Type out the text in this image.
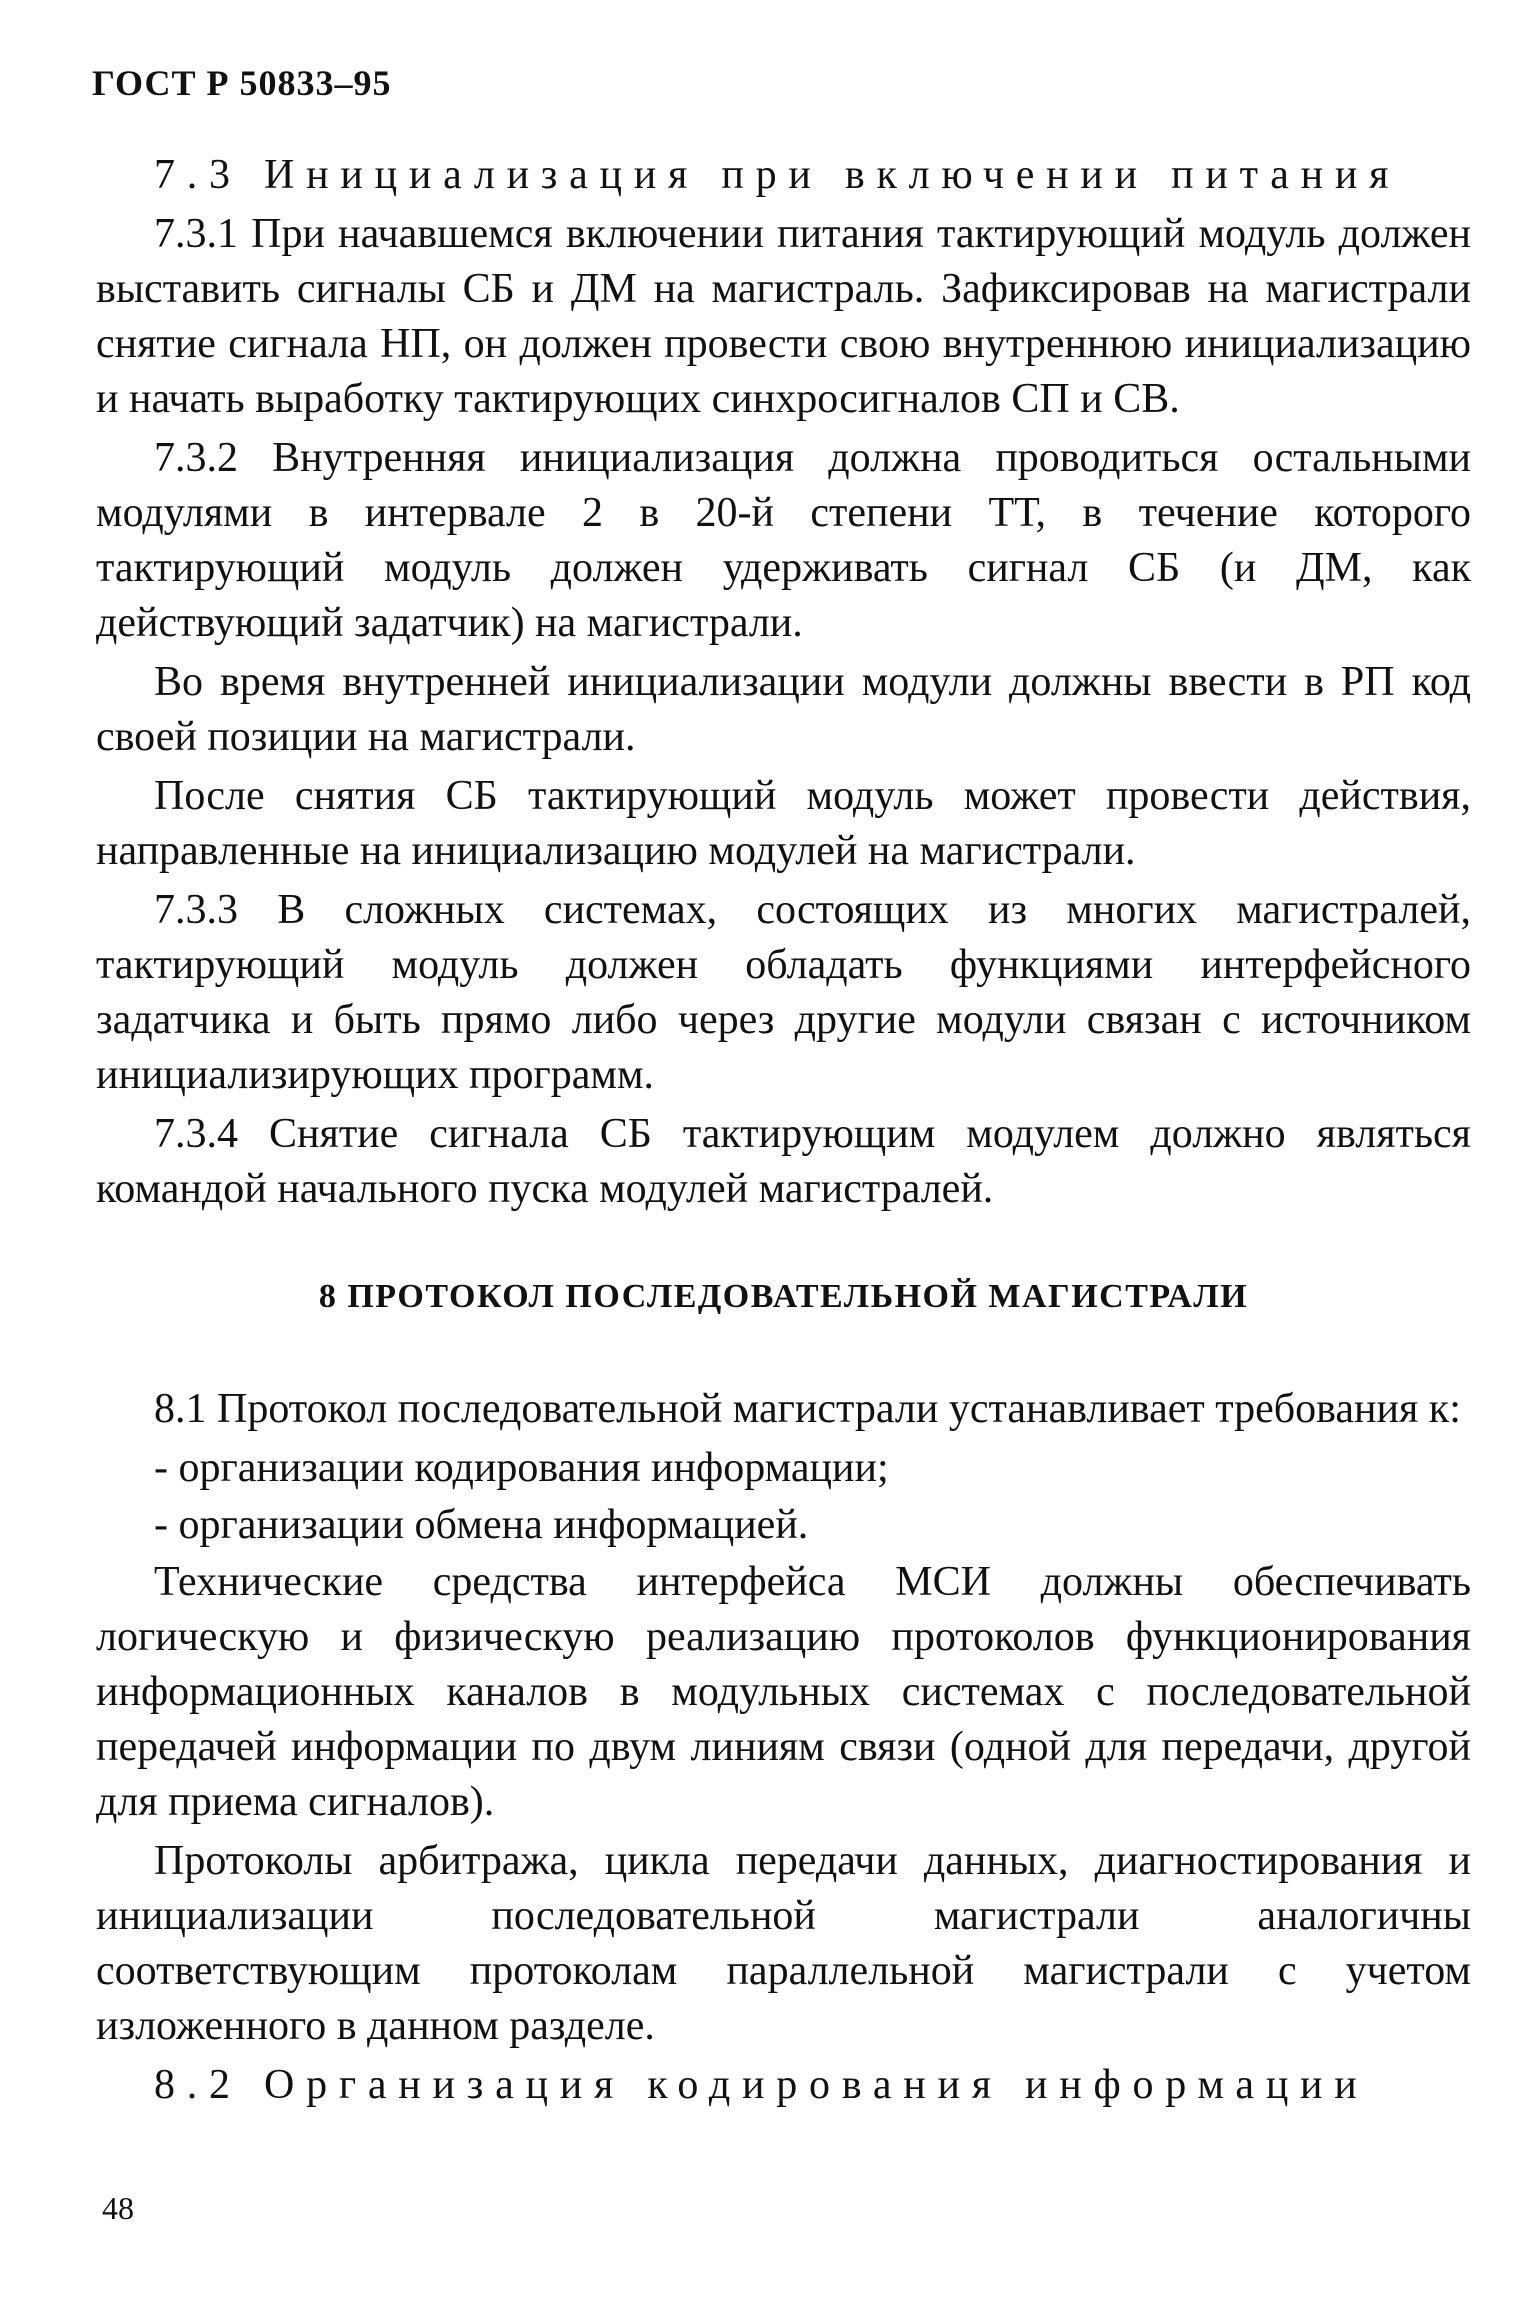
ГОСТ Р 50833–95

7.3 Инициализация при включении питания

7.3.1 При начавшемся включении питания тактирующий модуль должен выставить сигналы СБ и ДМ на магистраль. Зафиксировав на магистрали снятие сигнала НП, он должен провести свою внутреннюю инициализацию и начать выработку тактирующих синхросигналов СП и СВ.

7.3.2 Внутренняя инициализация должна проводиться остальными модулями в интервале 2 в 20-й степени ТТ, в течение которого тактирующий модуль должен удерживать сигнал СБ (и ДМ, как действующий задатчик) на магистрали.

Во время внутренней инициализации модули должны ввести в РП код своей позиции на магистрали.

После снятия СБ тактирующий модуль может провести действия, направленные на инициализацию модулей на магистрали.

7.3.3 В сложных системах, состоящих из многих магистралей, тактирующий модуль должен обладать функциями интерфейсного задатчика и быть прямо либо через другие модули связан с источником инициализирующих программ.

7.3.4 Снятие сигнала СБ тактирующим модулем должно являться командой начального пуска модулей магистралей.

8 ПРОТОКОЛ ПОСЛЕДОВАТЕЛЬНОЙ МАГИСТРАЛИ

8.1 Протокол последовательной магистрали устанавливает требования к:

- организации кодирования информации;

- организации обмена информацией.

Технические средства интерфейса МСИ должны обеспечивать логическую и физическую реализацию протоколов функционирования информационных каналов в модульных системах с последовательной передачей информации по двум линиям связи (одной для передачи, другой для приема сигналов).

Протоколы арбитража, цикла передачи данных, диагностирования и инициализации последовательной магистрали аналогичны соответствующим протоколам параллельной магистрали с учетом изложенного в данном разделе.

8.2 Организация кодирования информации

48
